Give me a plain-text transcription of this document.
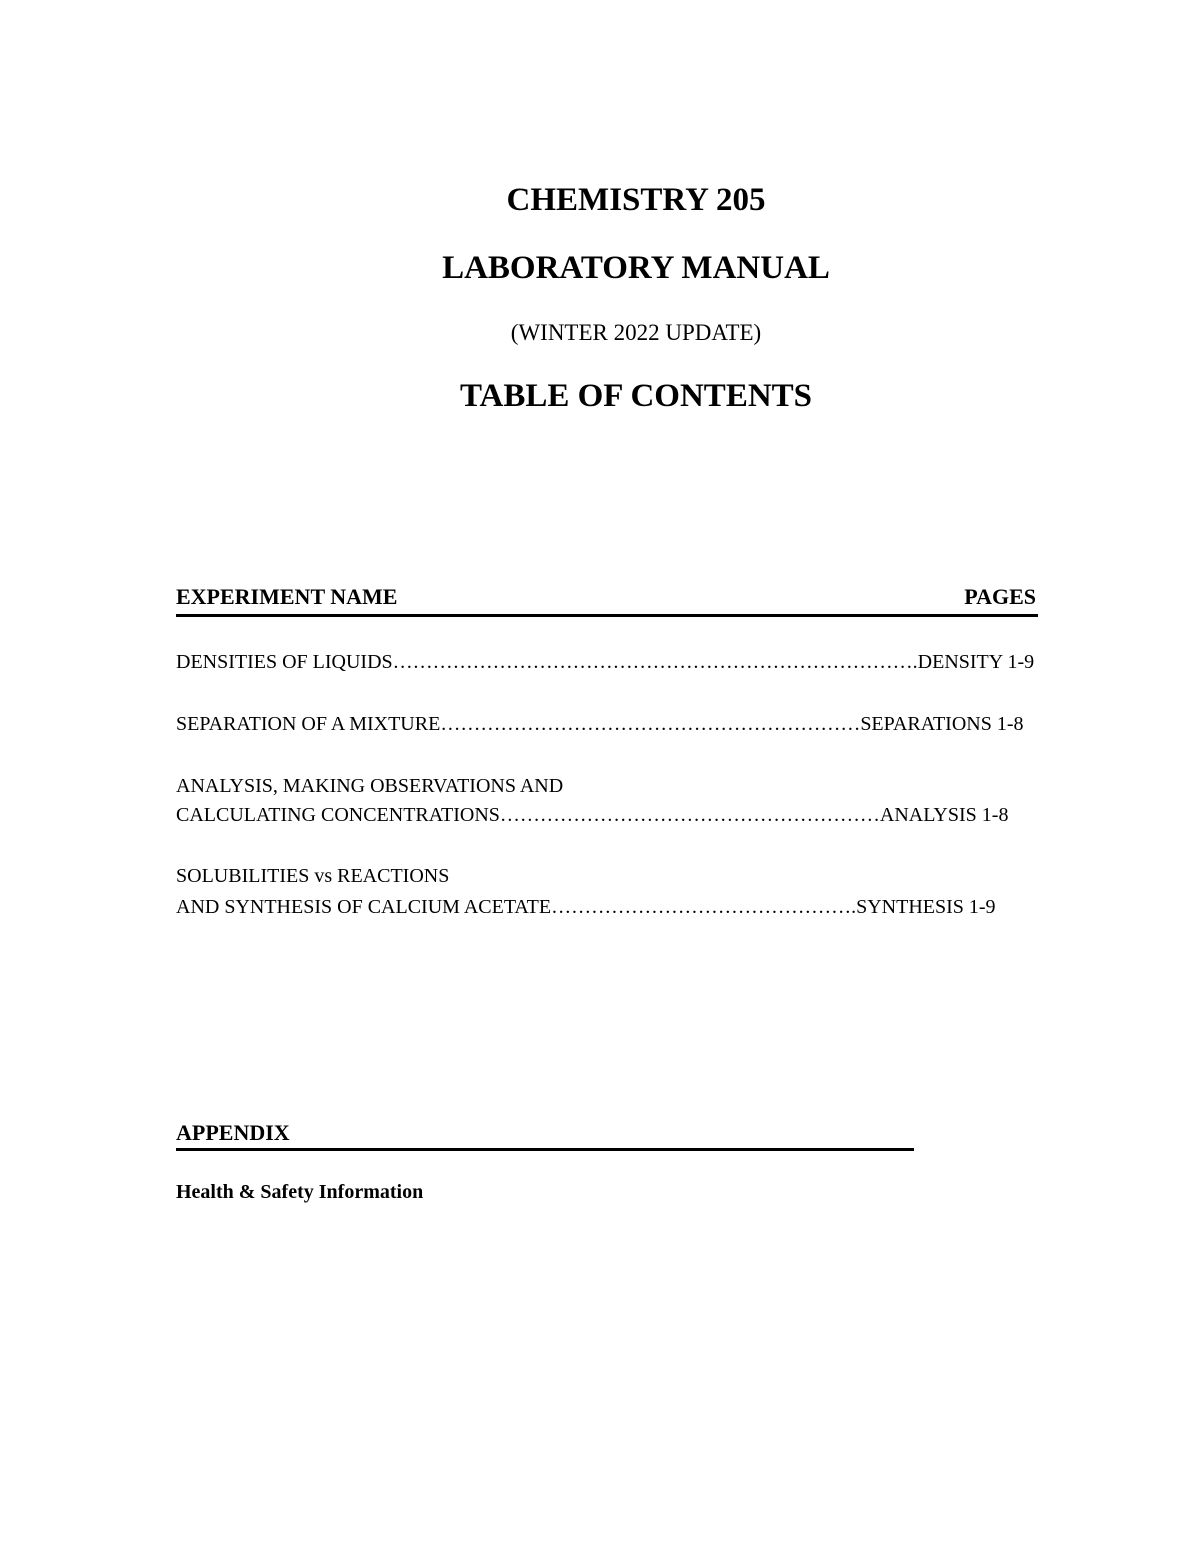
CHEMISTRY 205
LABORATORY MANUAL
(WINTER 2022 UPDATE)
TABLE OF CONTENTS
EXPERIMENT NAME	PAGES
DENSITIES OF LIQUIDS…………………………………………………………………….DENSITY 1-9
SEPARATION OF A MIXTURE………………………………………………………SEPARATIONS 1-8
ANALYSIS, MAKING OBSERVATIONS AND
CALCULATING CONCENTRATIONS…………………………………………………ANALYSIS 1-8
SOLUBILITIES vs REACTIONS
AND SYNTHESIS OF CALCIUM ACETATE……………………………………….SYNTHESIS 1-9
APPENDIX
Health & Safety Information
